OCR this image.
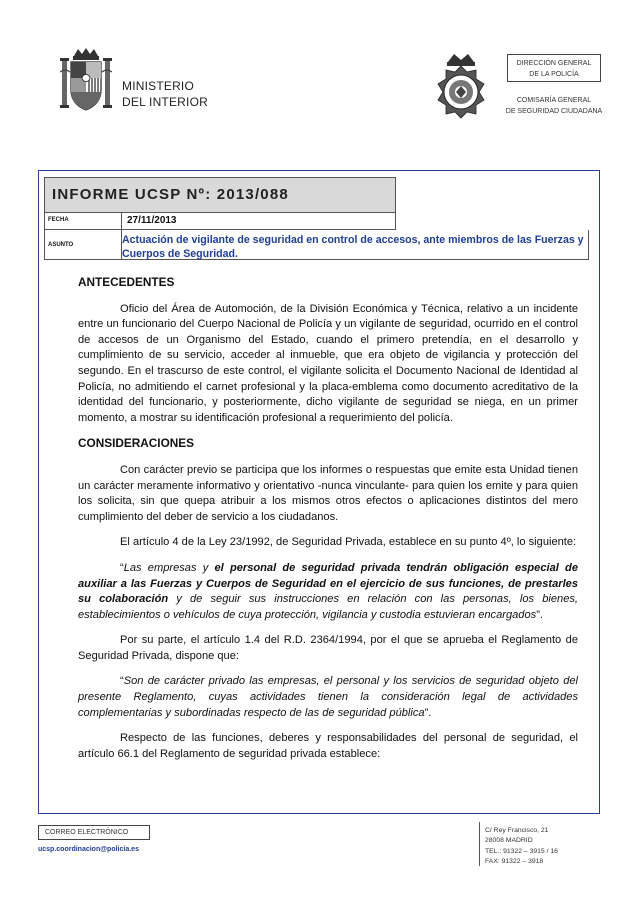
MINISTERIO
DEL INTERIOR
DIRECCIÓN GENERAL
DE LA POLICÍA
COMISARÍA GENERAL
DE SEGURIDAD CIUDADANA
INFORME UCSP Nº: 2013/088
FECHA	27/11/2013
ASUNTO	Actuación de vigilante de seguridad en control de accesos, ante miembros de las Fuerzas y Cuerpos de Seguridad.

ANTECEDENTES

Oficio del Área de Automoción, de la División Económica y Técnica, relativo a un incidente entre un funcionario del Cuerpo Nacional de Policía y un vigilante de seguridad, ocurrido en el control de accesos de un Organismo del Estado, cuando el primero pretendía, en el desarrollo y cumplimiento de su servicio, acceder al inmueble, que era objeto de vigilancia y protección del segundo. En el trascurso de este control, el vigilante solicita el Documento Nacional de Identidad al Policía, no admitiendo el carnet profesional y la placa-emblema como documento acreditativo de la identidad del funcionario, y posteriormente, dicho vigilante de seguridad se niega, en un primer momento, a mostrar su identificación profesional a requerimiento del policía.

CONSIDERACIONES

Con carácter previo se participa que los informes o respuestas que emite esta Unidad tienen un carácter meramente informativo y orientativo -nunca vinculante- para quien los emite y para quien los solicita, sin que quepa atribuir a los mismos otros efectos o aplicaciones distintos del mero cumplimiento del deber de servicio a los ciudadanos.

El artículo 4 de la Ley 23/1992, de Seguridad Privada, establece en su punto 4º, lo siguiente:

“Las empresas y el personal de seguridad privada tendrán obligación especial de auxiliar a las Fuerzas y Cuerpos de Seguridad en el ejercicio de sus funciones, de prestarles su colaboración y de seguir sus instrucciones en relación con las personas, los bienes, establecimientos o vehículos de cuya protección, vigilancia y custodia estuvieran encargados”.

Por su parte, el artículo 1.4 del R.D. 2364/1994, por el que se aprueba el Reglamento de Seguridad Privada, dispone que:

“Son de carácter privado las empresas, el personal y los servicios de seguridad objeto del presente Reglamento, cuyas actividades tienen la consideración legal de actividades complementarias y subordinadas respecto de las de seguridad pública”.

Respecto de las funciones, deberes y responsabilidades del personal de seguridad, el artículo 66.1 del Reglamento de seguridad privada establece:

CORREO ELECTRÓNICO
ucsp.coordinacion@policia.es
C/ Rey Francisco, 21
28008 MADRID
TEL.: 91322 – 3915 / 16
FAX: 91322 – 3918
